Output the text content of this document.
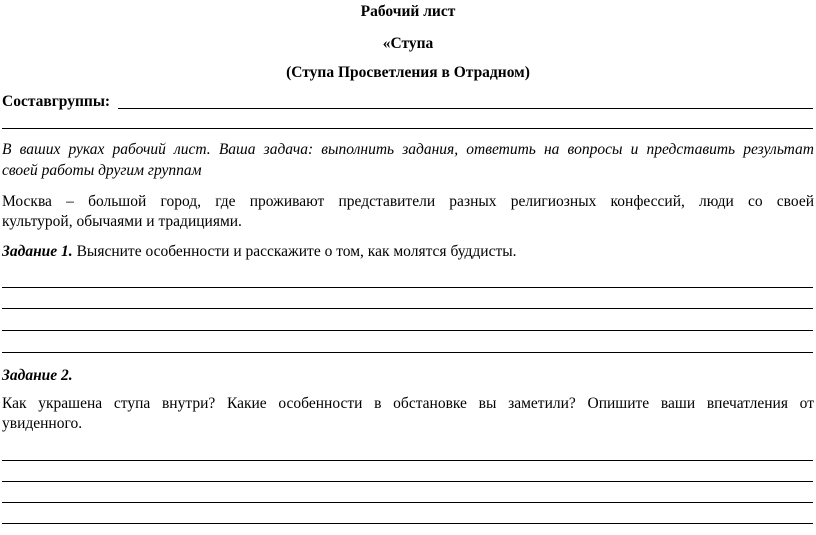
Рабочий лист
«Ступа
(Ступа Просветления в Отрадном)
Составгруппы:
В ваших руках рабочий лист. Ваша задача: выполнить задания, ответить на вопросы и представить результат
своей работы другим группам
Москва – большой город, где проживают представители разных религиозных конфессий, люди со своей
культурой, обычаями и традициями.
Задание 1. Выясните особенности и расскажите о том, как молятся буддисты.
Задание 2.
Как украшена ступа внутри? Какие особенности в обстановке вы заметили? Опишите ваши впечатления от
увиденного.
